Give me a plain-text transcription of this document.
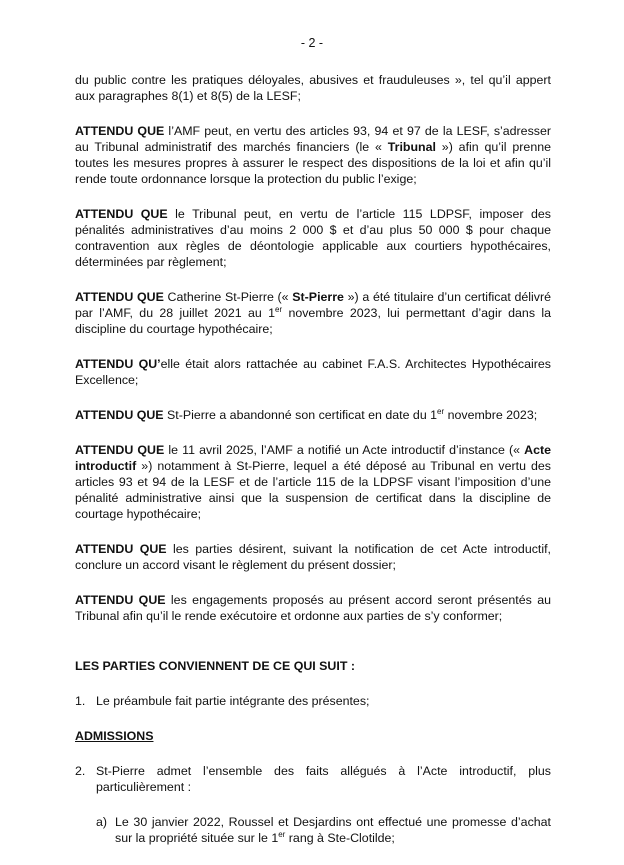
- 2 -

du public contre les pratiques déloyales, abusives et frauduleuses », tel qu’il appert aux paragraphes 8(1) et 8(5) de la LESF;

ATTENDU QUE l’AMF peut, en vertu des articles 93, 94 et 97 de la LESF, s’adresser au Tribunal administratif des marchés financiers (le « Tribunal ») afin qu’il prenne toutes les mesures propres à assurer le respect des dispositions de la loi et afin qu’il rende toute ordonnance lorsque la protection du public l’exige;

ATTENDU QUE le Tribunal peut, en vertu de l’article 115 LDPSF, imposer des pénalités administratives d’au moins 2 000 $ et d’au plus 50 000 $ pour chaque contravention aux règles de déontologie applicable aux courtiers hypothécaires, déterminées par règlement;

ATTENDU QUE Catherine St-Pierre (« St-Pierre ») a été titulaire d’un certificat délivré par l’AMF, du 28 juillet 2021 au 1er novembre 2023, lui permettant d’agir dans la discipline du courtage hypothécaire;

ATTENDU QU’elle était alors rattachée au cabinet F.A.S. Architectes Hypothécaires Excellence;

ATTENDU QUE St-Pierre a abandonné son certificat en date du 1er novembre 2023;

ATTENDU QUE le 11 avril 2025, l’AMF a notifié un Acte introductif d’instance (« Acte introductif ») notamment à St-Pierre, lequel a été déposé au Tribunal en vertu des articles 93 et 94 de la LESF et de l’article 115 de la LDPSF visant l’imposition d’une pénalité administrative ainsi que la suspension de certificat dans la discipline de courtage hypothécaire;

ATTENDU QUE les parties désirent, suivant la notification de cet Acte introductif, conclure un accord visant le règlement du présent dossier;

ATTENDU QUE les engagements proposés au présent accord seront présentés au Tribunal afin qu’il le rende exécutoire et ordonne aux parties de s’y conformer;

LES PARTIES CONVIENNENT DE CE QUI SUIT :

1. Le préambule fait partie intégrante des présentes;

ADMISSIONS

2. St-Pierre admet l’ensemble des faits allégués à l’Acte introductif, plus particulièrement :

a) Le 30 janvier 2022, Roussel et Desjardins ont effectué une promesse d’achat sur la propriété située sur le 1er rang à Ste-Clotilde;
